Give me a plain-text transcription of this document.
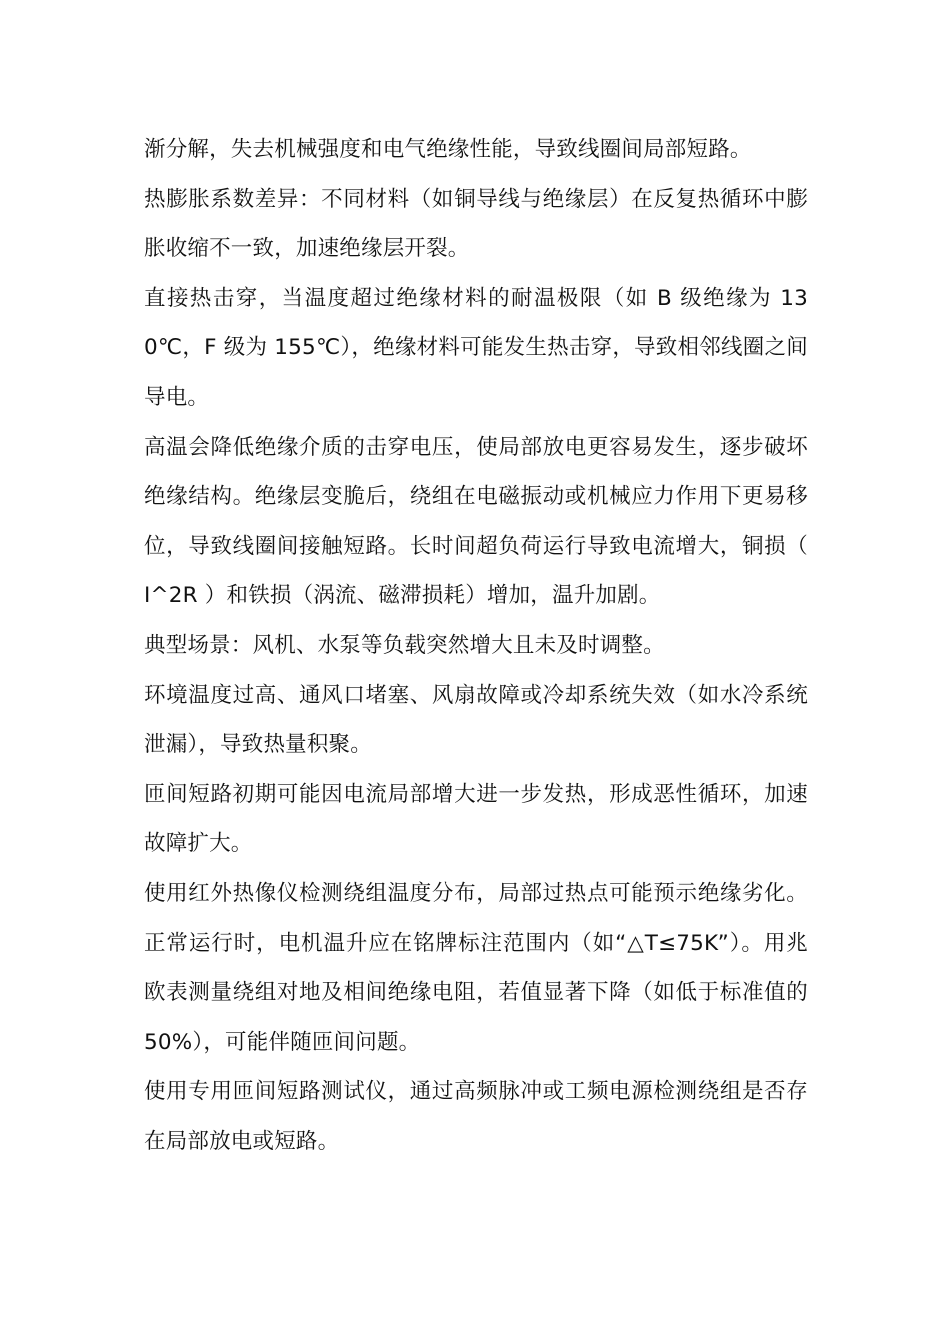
渐分解，失去机械强度和电气绝缘性能，导致线圈间局部短路。

热膨胀系数差异：不同材料（如铜导线与绝缘层）在反复热循环中膨胀收缩不一致，加速绝缘层开裂。

直接热击穿，当温度超过绝缘材料的耐温极限（如 B 级绝缘为 130℃，F 级为 155℃），绝缘材料可能发生热击穿，导致相邻线圈之间导电。

高温会降低绝缘介质的击穿电压，使局部放电更容易发生，逐步破坏绝缘结构。绝缘层变脆后，绕组在电磁振动或机械应力作用下更易移位，导致线圈间接触短路。长时间超负荷运行导致电流增大，铜损（ I^2R ）和铁损（涡流、磁滞损耗）增加，温升加剧。

典型场景：风机、水泵等负载突然增大且未及时调整。

环境温度过高、通风口堵塞、风扇故障或冷却系统失效（如水冷系统泄漏），导致热量积聚。

匝间短路初期可能因电流局部增大进一步发热，形成恶性循环，加速故障扩大。

使用红外热像仪检测绕组温度分布，局部过热点可能预示绝缘劣化。正常运行时，电机温升应在铭牌标注范围内（如“△T≤75K”）。用兆欧表测量绕组对地及相间绝缘电阻，若值显著下降（如低于标准值的 50%），可能伴随匝间问题。

使用专用匝间短路测试仪，通过高频脉冲或工频电源检测绕组是否存在局部放电或短路。
